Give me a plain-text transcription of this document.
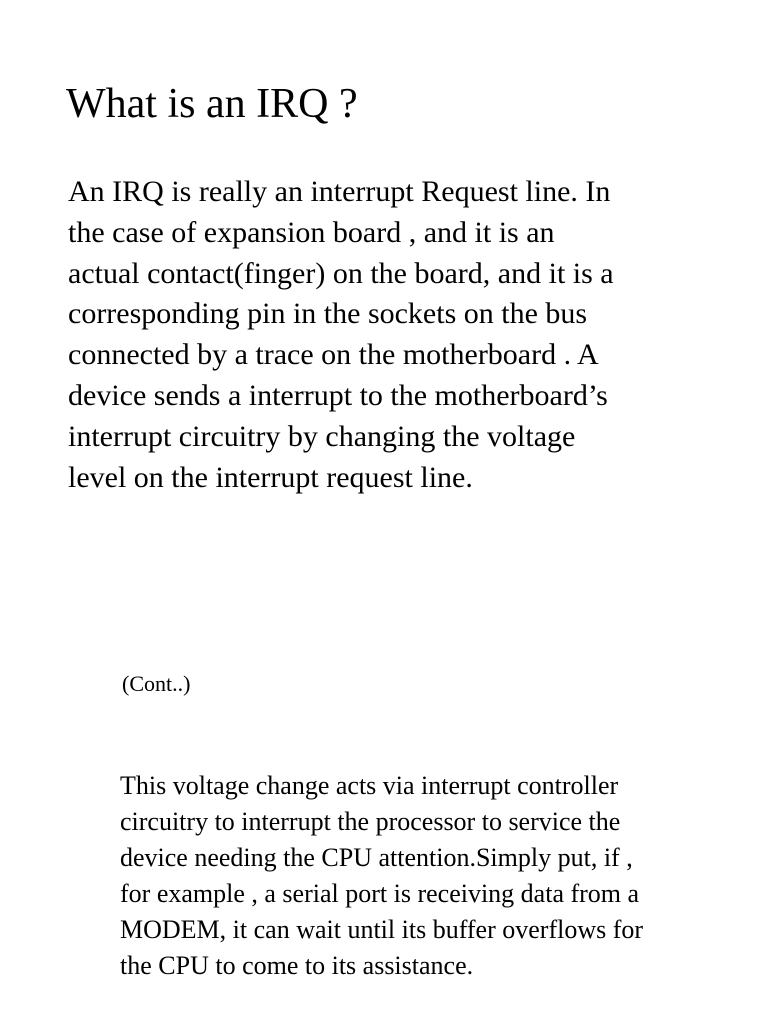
What is an IRQ ?

An IRQ is really an interrupt Request line. In
the case of expansion board , and it is an
actual contact(finger) on the board, and it is a
corresponding pin in the sockets on the bus
connected by a trace on the motherboard . A
device sends a interrupt to the motherboard’s
interrupt circuitry by changing the voltage
level on the interrupt request line.

(Cont..)

This voltage change acts via interrupt controller
circuitry to interrupt the processor to service the
device needing the CPU attention.Simply put, if ,
for example , a serial port is receiving data from a
MODEM, it can wait until its buffer overflows for
the CPU to come to its assistance.
